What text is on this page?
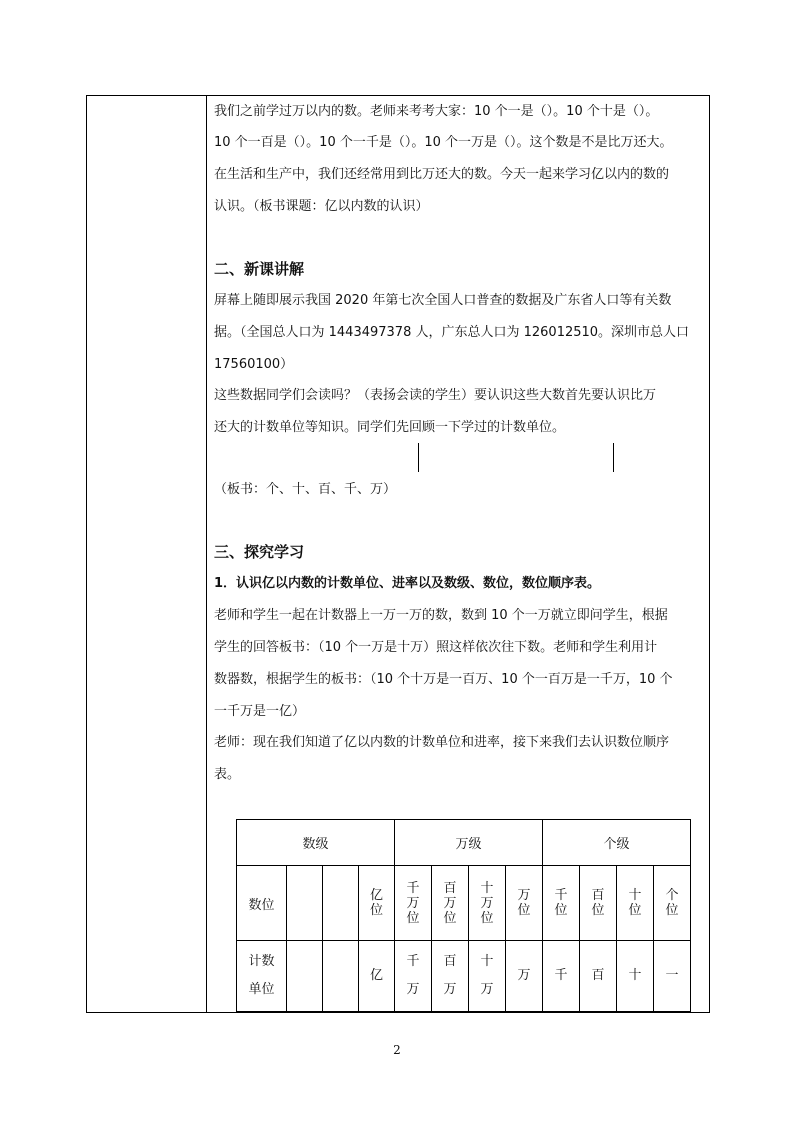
我们之前学过万以内的数。老师来考考大家：10 个一是（）。10 个十是（）。
10 个一百是（）。10 个一千是（）。10 个一万是（）。这个数是不是比万还大。
在生活和生产中，我们还经常用到比万还大的数。今天一起来学习亿以内的数的
认识。（板书课题：亿以内数的认识）
二、新课讲解
屏幕上随即展示我国 2020 年第七次全国人口普查的数据及广东省人口等有关数
据。（全国总人口为 1443497378 人，广东总人口为 126012510。深圳市总人口
17560100）
这些数据同学们会读吗？（表扬会读的学生）要认识这些大数首先要认识比万
还大的计数单位等知识。同学们先回顾一下学过的计数单位。
（板书：个、十、百、千、万）
三、探究学习
1．认识亿以内数的计数单位、进率以及数级、数位，数位顺序表。
老师和学生一起在计数器上一万一万的数，数到 10 个一万就立即问学生，根据
学生的回答板书：（10 个一万是十万）照这样依次往下数。老师和学生利用计
数器数，根据学生的板书：（10 个十万是一百万、10 个一百万是一千万，10 个
一千万是一亿）
老师：现在我们知道了亿以内数的计数单位和进率，接下来我们去认识数位顺序
表。
数级				万级				个级			
数位			亿位	千万位	百万位	十万位	万位	千位	百位	十位	个位
计数单位			亿	千万	百万	十万	万	千	百	十	一
2
